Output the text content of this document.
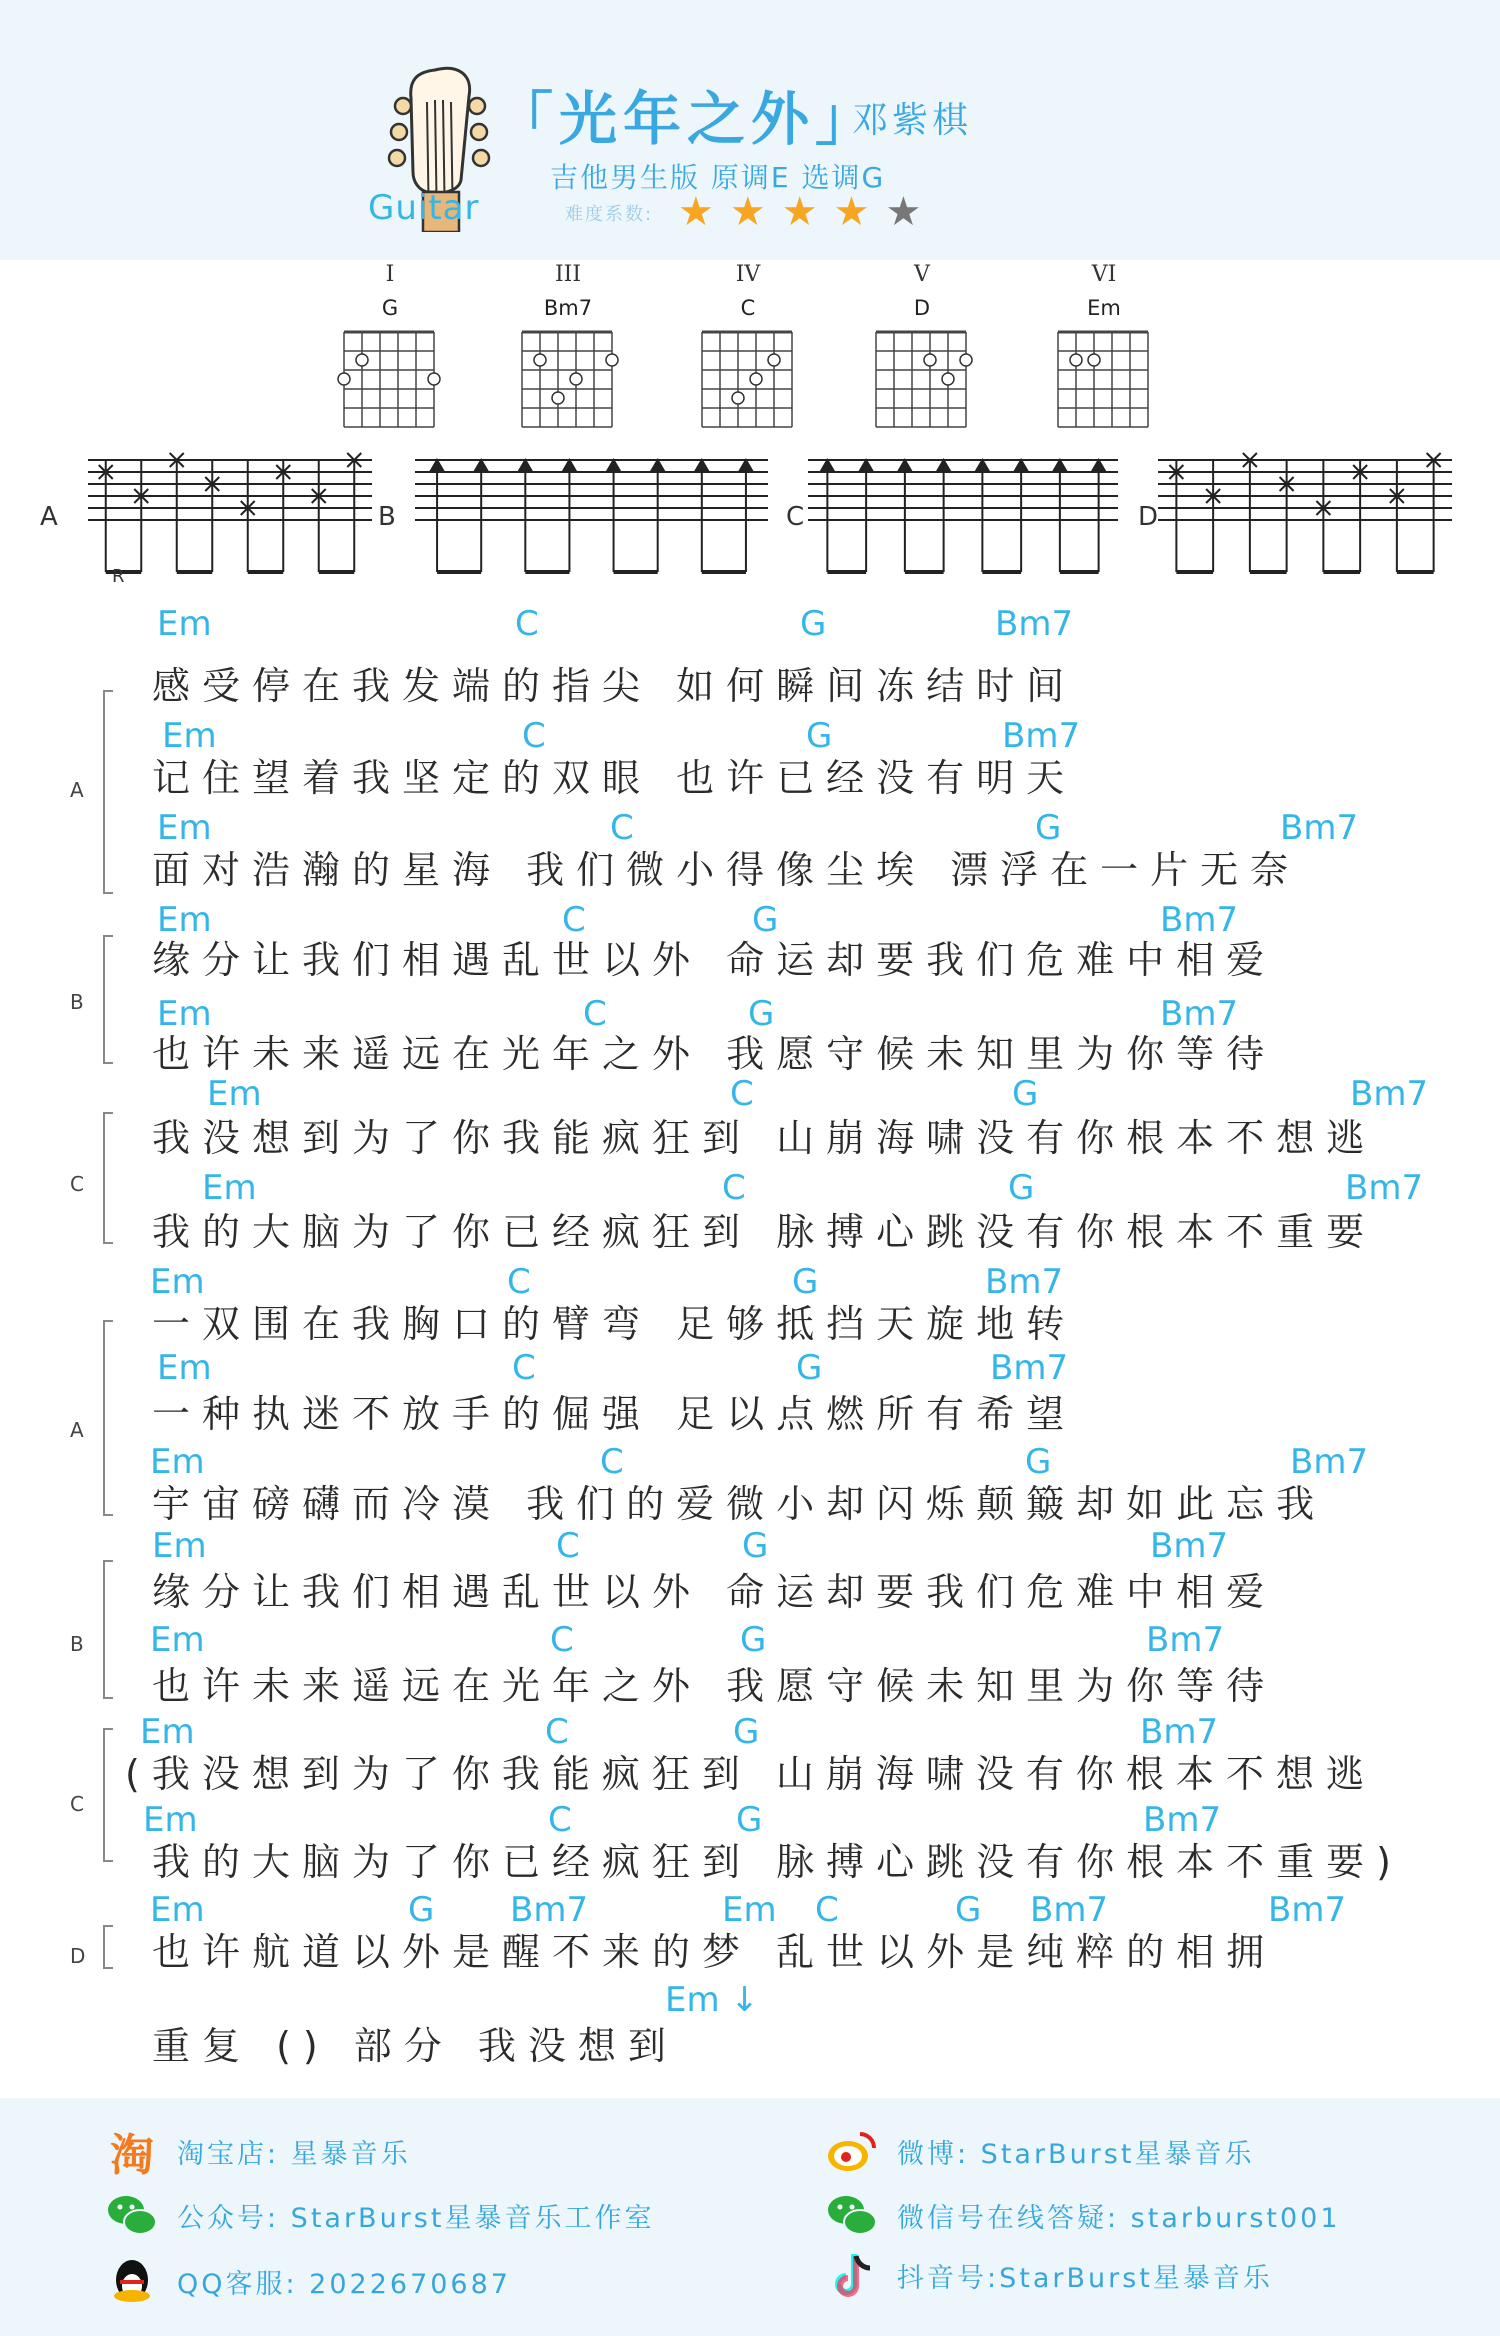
Guitar
「光年之外」
邓紫棋
吉他男生版 原调E 选调G
难度系数: ★ ★ ★ ★ ★
I
G
III
Bm7
IV
C
V
D
VI
Em
A	B	C	D
R
A
Em	C	G	Bm7
感受停在我发端的指尖 如何瞬间冻结时间
Em	C	G	Bm7
记住望着我坚定的双眼 也许已经没有明天
Em	C	G	Bm7
面对浩瀚的星海 我们微小得像尘埃 漂浮在一片无奈
B
Em	C	G	Bm7
缘分让我们相遇乱世以外 命运却要我们危难中相爱
Em	C	G	Bm7
也许未来遥远在光年之外 我愿守候未知里为你等待
C
Em	C	G	Bm7
我没想到为了你我能疯狂到 山崩海啸没有你根本不想逃
Em	C	G	Bm7
我的大脑为了你已经疯狂到 脉搏心跳没有你根本不重要
A
Em	C	G	Bm7
一双围在我胸口的臂弯 足够抵挡天旋地转
Em	C	G	Bm7
一种执迷不放手的倔强 足以点燃所有希望
Em	C	G	Bm7
宇宙磅礴而冷漠 我们的爱微小却闪烁颠簸却如此忘我
B
Em	C	G	Bm7
缘分让我们相遇乱世以外 命运却要我们危难中相爱
Em	C	G	Bm7
也许未来遥远在光年之外 我愿守候未知里为你等待
C
Em	C	G	Bm7
(我没想到为了你我能疯狂到 山崩海啸没有你根本不想逃
Em	C	G	Bm7
我的大脑为了你已经疯狂到 脉搏心跳没有你根本不重要)
D
Em	G Bm7	Em C	G Bm7	Bm7
也许航道以外是醒不来的梦 乱世以外是纯粹的相拥
Em ↓
重复 () 部分 我没想到
淘 淘宝店: 星暴音乐	微博: StarBurst星暴音乐
公众号: StarBurst星暴音乐工作室	微信号在线答疑: starburst001
QQ客服: 2022670687	抖音号:StarBurst星暴音乐
